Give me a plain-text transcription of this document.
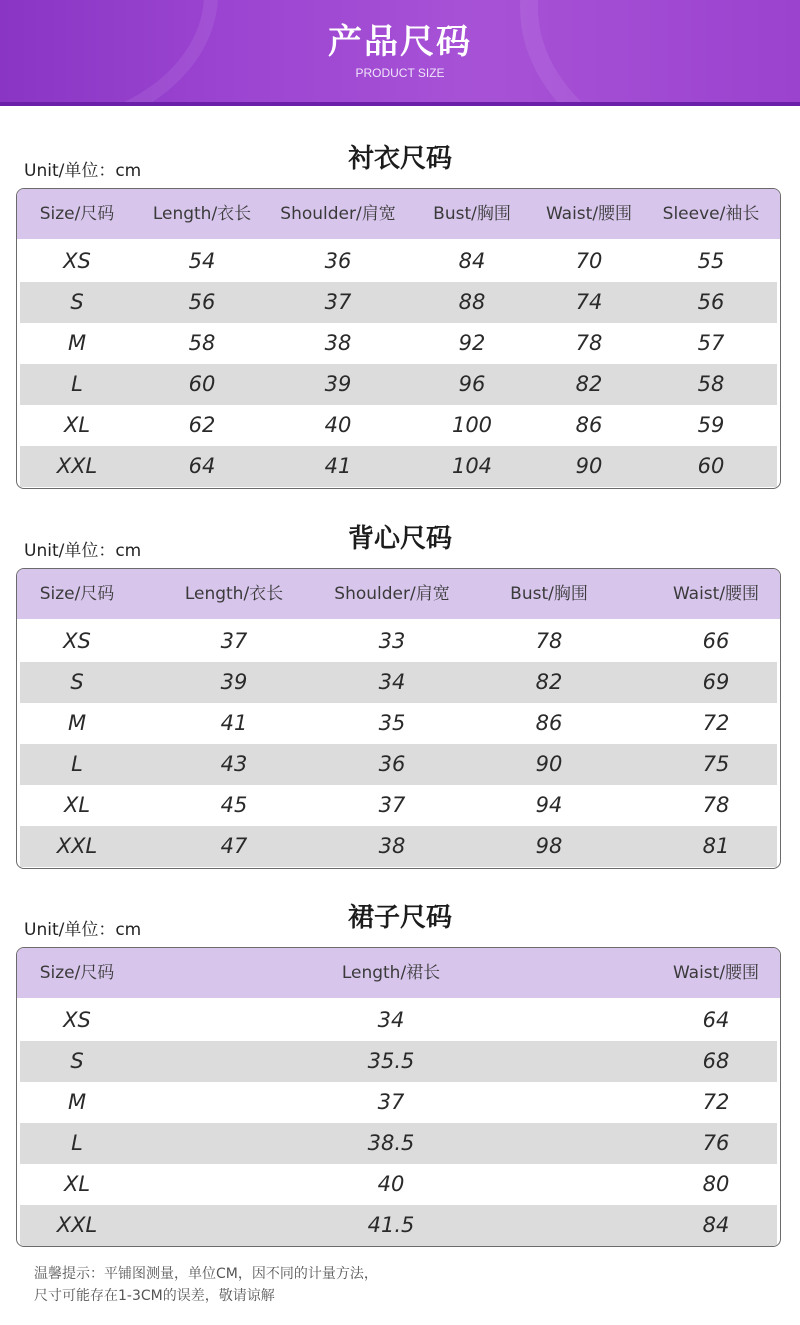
产品尺码
PRODUCT SIZE
Unit/单位：cm	衬衣尺码
Size/尺码 Length/衣长 Shoulder/肩宽 Bust/胸围 Waist/腰围 Sleeve/袖长
XS	54	36	84	70	55
S	56	37	88	74	56
M	58	38	92	78	57
L	60	39	96	82	58
XL	62	40	100	86	59
XXL	64	41	104	90	60
Unit/单位：cm	背心尺码
Size/尺码	Length/衣长	Shoulder/肩宽	Bust/胸围	Waist/腰围
XS	37	33	78	66
S	39	34	82	69
M	41	35	86	72
L	43	36	90	75
XL	45	37	94	78
XXL	47	38	98	81
Unit/单位：cm	裙子尺码
Size/尺码	Length/裙长	Waist/腰围
XS	34	64
S	35.5	68
M	37	72
L	38.5	76
XL	40	80
XXL	41.5	84
温馨提示：平铺图测量，单位CM，因不同的计量方法，
尺寸可能存在1-3CM的误差，敬请谅解
